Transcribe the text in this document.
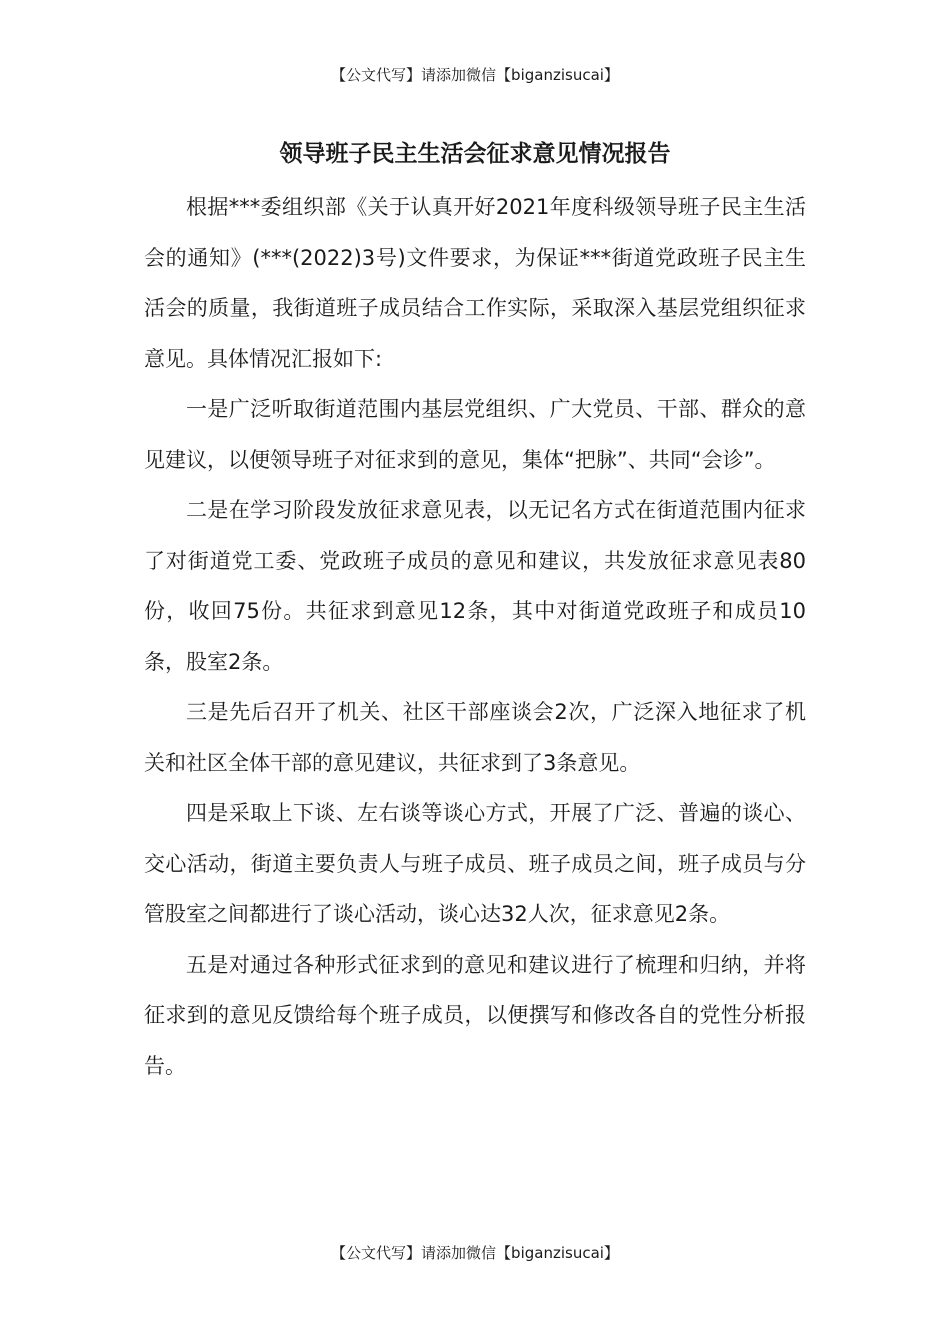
【公文代写】请添加微信【biganzisucai】
领导班子民主生活会征求意见情况报告

根据***委组织部《关于认真开好2021年度科级领导班子民主生活会的通知》(***(2022)3号)文件要求，为保证***街道党政班子民主生活会的质量，我街道班子成员结合工作实际，采取深入基层党组织征求意见。具体情况汇报如下:

一是广泛听取街道范围内基层党组织、广大党员、干部、群众的意见建议，以便领导班子对征求到的意见，集体“把脉”、共同“会诊”。

二是在学习阶段发放征求意见表，以无记名方式在街道范围内征求了对街道党工委、党政班子成员的意见和建议，共发放征求意见表80份，收回75份。共征求到意见12条，其中对街道党政班子和成员10条，股室2条。

三是先后召开了机关、社区干部座谈会2次，广泛深入地征求了机关和社区全体干部的意见建议，共征求到了3条意见。

四是采取上下谈、左右谈等谈心方式，开展了广泛、普遍的谈心、交心活动，街道主要负责人与班子成员、班子成员之间，班子成员与分管股室之间都进行了谈心活动，谈心达32人次，征求意见2条。

五是对通过各种形式征求到的意见和建议进行了梳理和归纳，并将征求到的意见反馈给每个班子成员，以便撰写和修改各自的党性分析报告。

【公文代写】请添加微信【biganzisucai】
